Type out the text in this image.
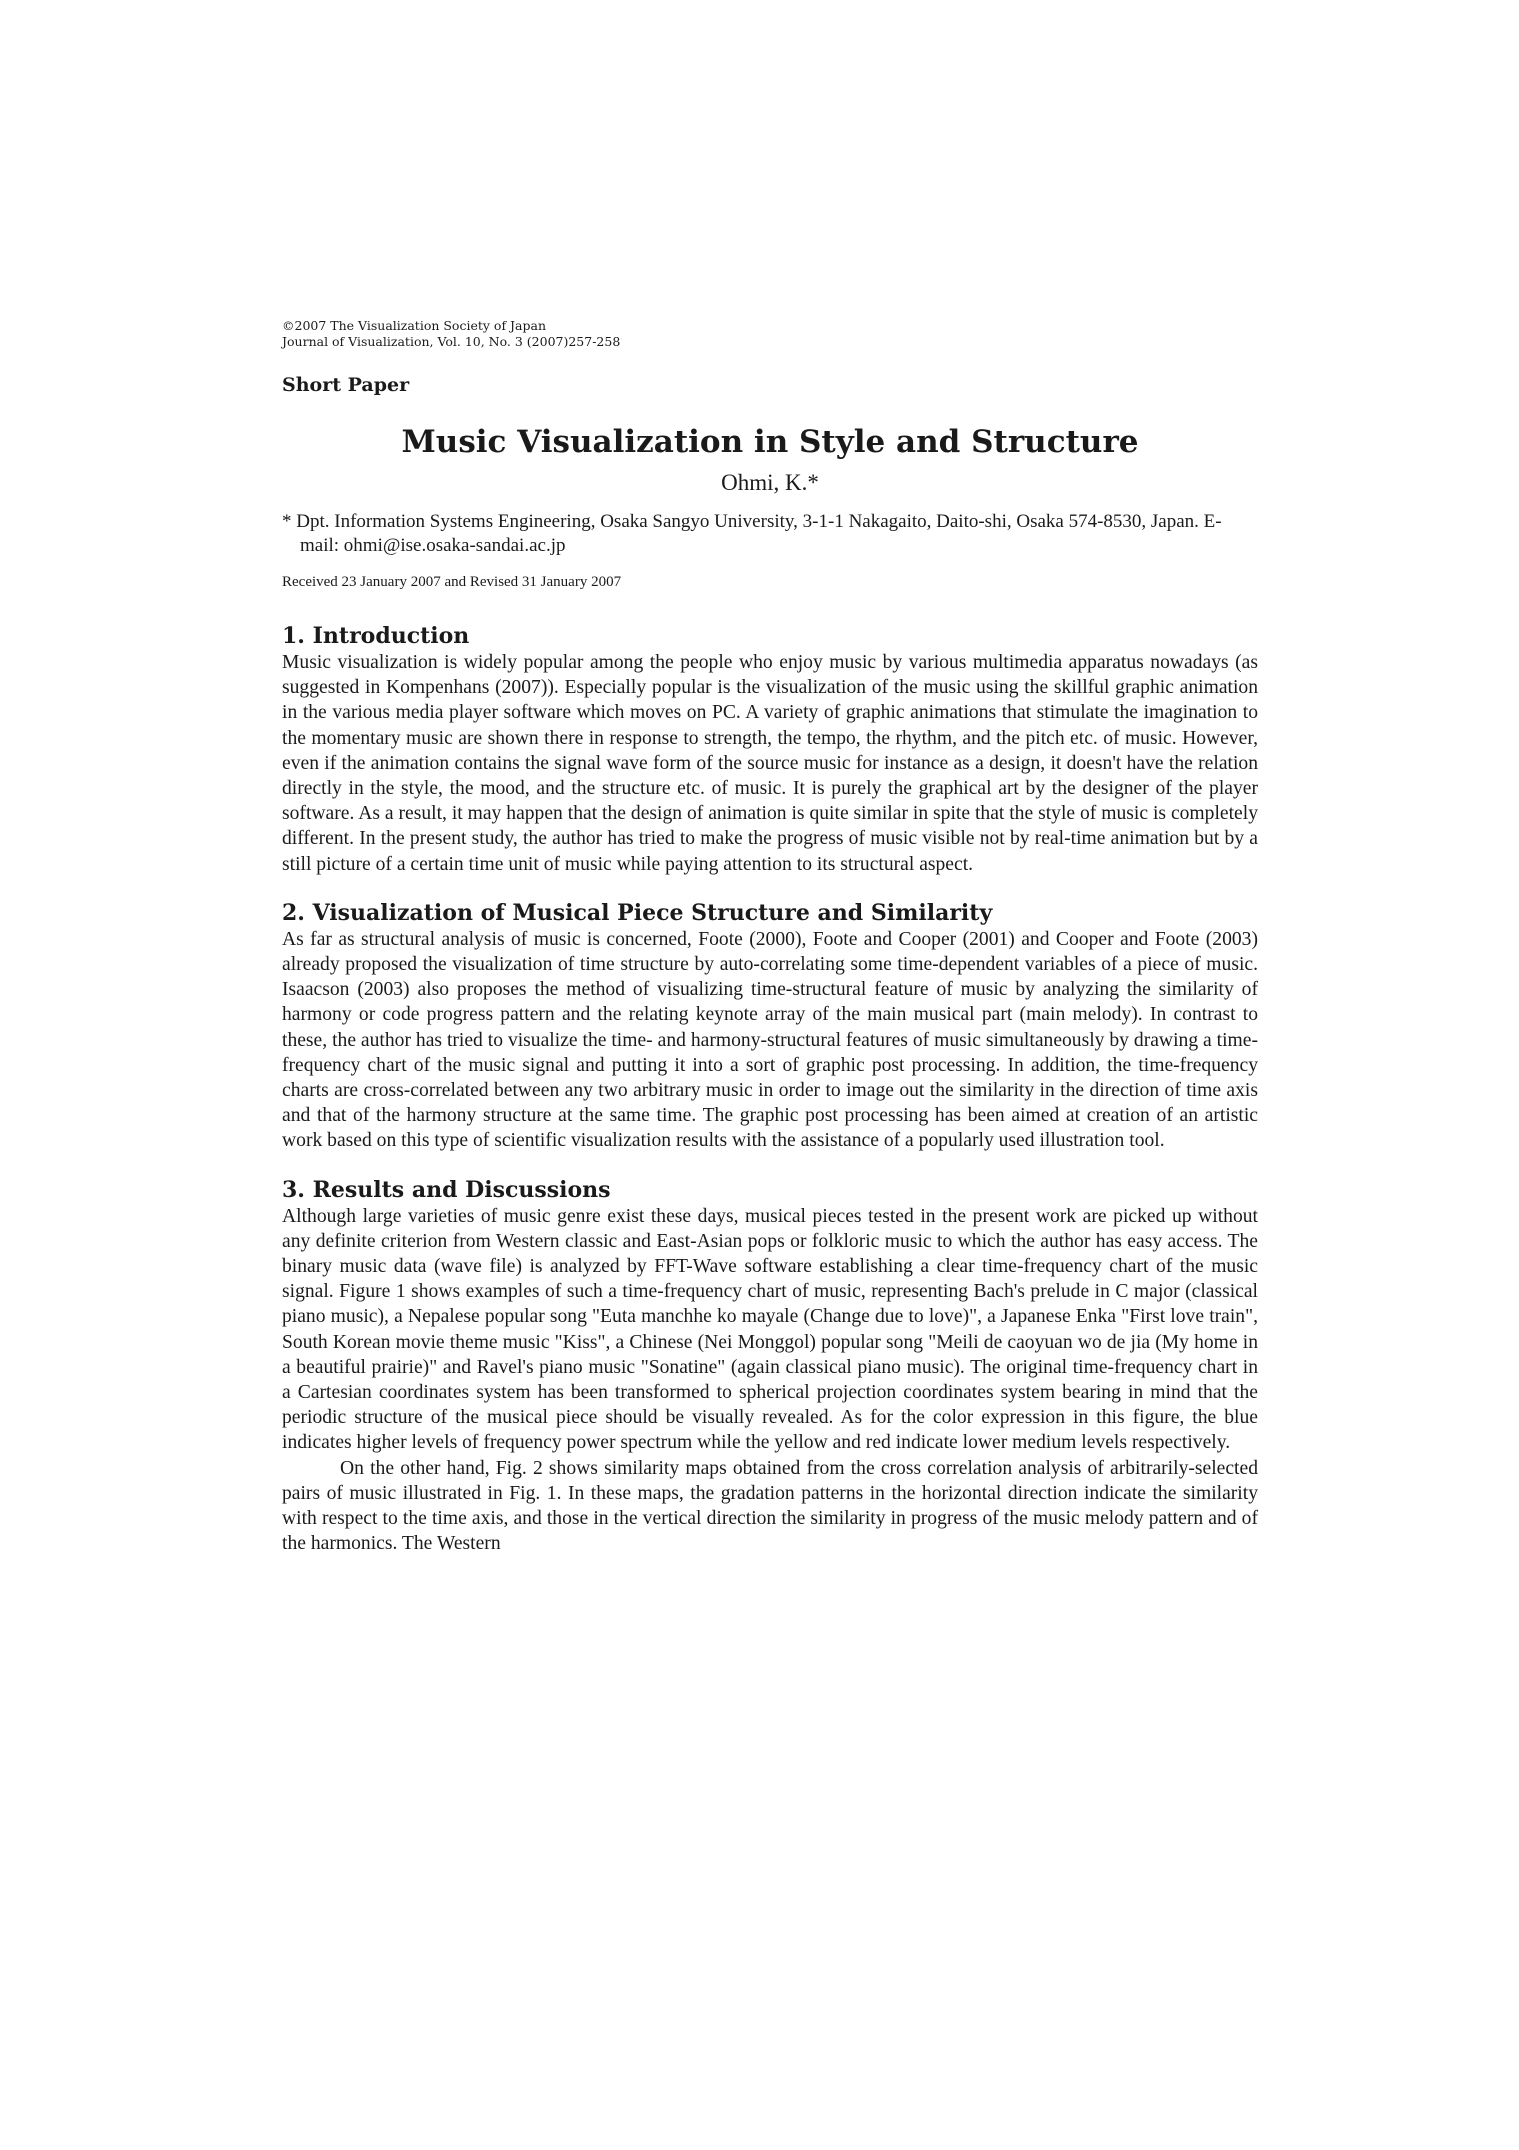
©2007 The Visualization Society of Japan

Journal of Visualization, Vol. 10, No. 3 (2007)257-258

Short Paper

Music Visualization in Style and Structure

Ohmi, K.*

* Dpt. Information Systems Engineering, Osaka Sangyo University, 3-1-1 Nakagaito, Daito-shi, Osaka 574-8530, Japan. E-mail: ohmi@ise.osaka-sandai.ac.jp

Received 23 January 2007 and Revised 31 January 2007

1. Introduction

Music visualization is widely popular among the people who enjoy music by various multimedia apparatus nowadays (as suggested in Kompenhans (2007)). Especially popular is the visualization of the music using the skillful graphic animation in the various media player software which moves on PC. A variety of graphic animations that stimulate the imagination to the momentary music are shown there in response to strength, the tempo, the rhythm, and the pitch etc. of music. However, even if the animation contains the signal wave form of the source music for instance as a design, it doesn't have the relation directly in the style, the mood, and the structure etc. of music. It is purely the graphical art by the designer of the player software. As a result, it may happen that the design of animation is quite similar in spite that the style of music is completely different. In the present study, the author has tried to make the progress of music visible not by real-time animation but by a still picture of a certain time unit of music while paying attention to its structural aspect.

2. Visualization of Musical Piece Structure and Similarity

As far as structural analysis of music is concerned, Foote (2000), Foote and Cooper (2001) and Cooper and Foote (2003) already proposed the visualization of time structure by auto-correlating some time-dependent variables of a piece of music. Isaacson (2003) also proposes the method of visualizing time-structural feature of music by analyzing the similarity of harmony or code progress pattern and the relating keynote array of the main musical part (main melody). In contrast to these, the author has tried to visualize the time- and harmony-structural features of music simultaneously by drawing a time-frequency chart of the music signal and putting it into a sort of graphic post processing. In addition, the time-frequency charts are cross-correlated between any two arbitrary music in order to image out the similarity in the direction of time axis and that of the harmony structure at the same time. The graphic post processing has been aimed at creation of an artistic work based on this type of scientific visualization results with the assistance of a popularly used illustration tool.

3. Results and Discussions

Although large varieties of music genre exist these days, musical pieces tested in the present work are picked up without any definite criterion from Western classic and East-Asian pops or folkloric music to which the author has easy access. The binary music data (wave file) is analyzed by FFT-Wave software establishing a clear time-frequency chart of the music signal. Figure 1 shows examples of such a time-frequency chart of music, representing Bach's prelude in C major (classical piano music), a Nepalese popular song "Euta manchhe ko mayale (Change due to love)", a Japanese Enka "First love train", South Korean movie theme music "Kiss", a Chinese (Nei Monggol) popular song "Meili de caoyuan wo de jia (My home in a beautiful prairie)" and Ravel's piano music "Sonatine" (again classical piano music). The original time-frequency chart in a Cartesian coordinates system has been transformed to spherical projection coordinates system bearing in mind that the periodic structure of the musical piece should be visually revealed. As for the color expression in this figure, the blue indicates higher levels of frequency power spectrum while the yellow and red indicate lower medium levels respectively.

On the other hand, Fig. 2 shows similarity maps obtained from the cross correlation analysis of arbitrarily-selected pairs of music illustrated in Fig. 1. In these maps, the gradation patterns in the horizontal direction indicate the similarity with respect to the time axis, and those in the vertical direction the similarity in progress of the music melody pattern and of the harmonics. The Western
